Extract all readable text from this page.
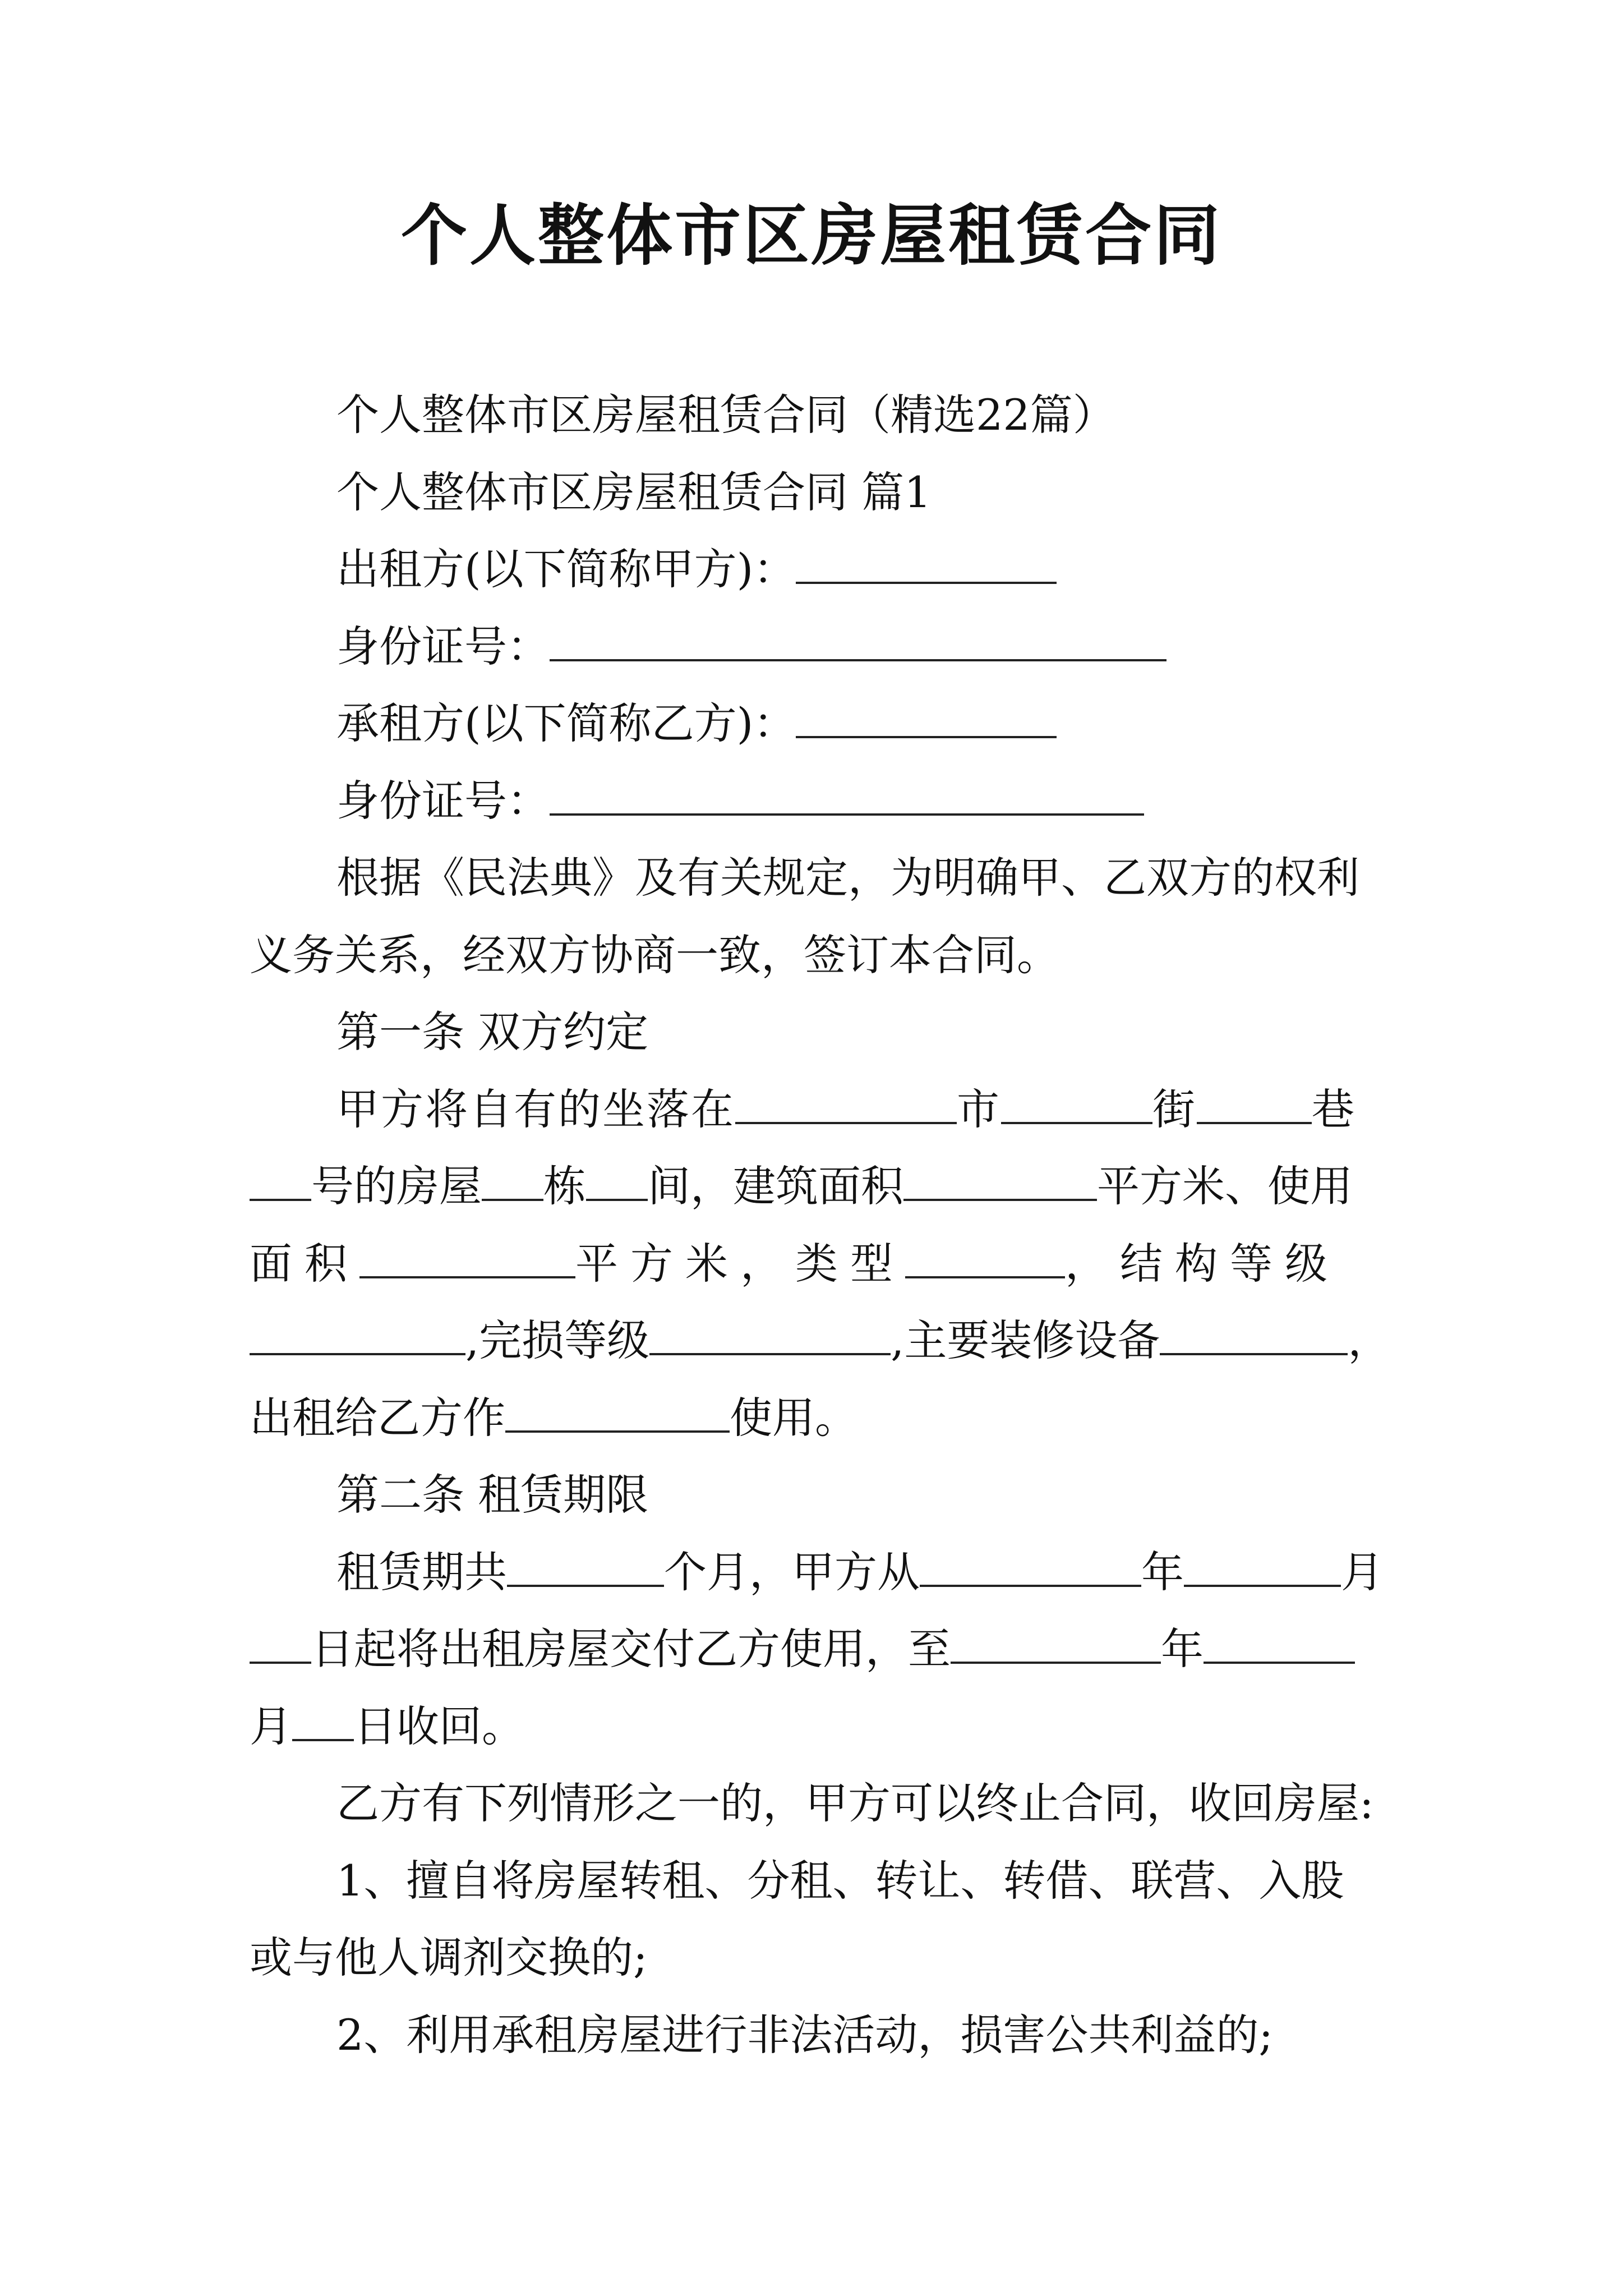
个人整体市区房屋租赁合同
个人整体市区房屋租赁合同（精选22篇）
个人整体市区房屋租赁合同 篇1
出租方(以下简称甲方)：
身份证号：
承租方(以下简称乙方)：
身份证号：
根据《民法典》及有关规定，为明确甲、乙双方的权利
义务关系，经双方协商一致，签订本合同。
第一条 双方约定
甲方将自有的坐落在	市	街	巷
号的房屋 栋 间，建筑面积	平方米、使用
面积	平方米，类型	，结构等级
,完损等级	,主要装修设备	，
出租给乙方作	使用。
第二条 租赁期限
租赁期共	个月，甲方从	年	月
日起将出租房屋交付乙方使用，至	年
月 日收回。
乙方有下列情形之一的，甲方可以终止合同，收回房屋:
1、擅自将房屋转租、分租、转让、转借、联营、入股
或与他人调剂交换的;
2、利用承租房屋进行非法活动，损害公共利益的;
